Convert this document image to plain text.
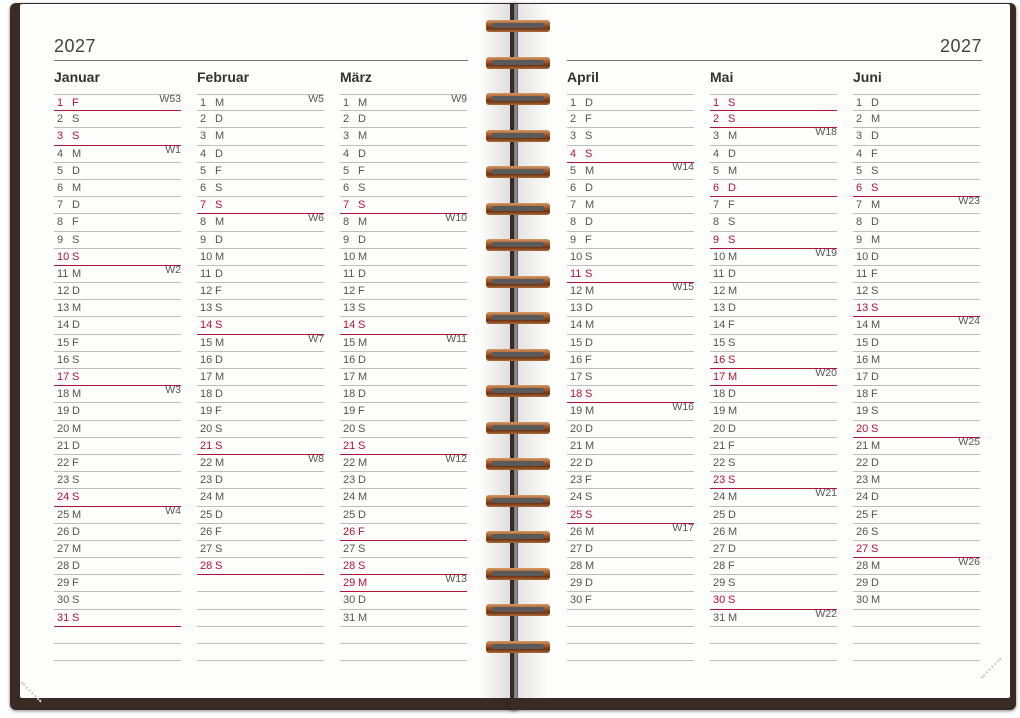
2027	2027
Januar
1 F	W53
2 S
3 S
4 M	W1
5 D
6 M
7 D
8 F
9 S
10 S
11 M	W2
12 D
13 M
14 D
15 F
16 S
17 S
18 M	W3
19 D
20 M
21 D
22 F
23 S
24 S
25 M	W4
26 D
27 M
28 D
29 F
30 S
31 S
Februar
1 M	W5
2 D
3 M
4 D
5 F
6 S
7 S
8 M	W6
9 D
10 M
11 D
12 F
13 S
14 S
15 M	W7
16 D
17 M
18 D
19 F
20 S
21 S
22 M	W8
23 D
24 M
25 D
26 F
27 S
28 S
März
1 M	W9
2 D
3 M
4 D
5 F
6 S
7 S
8 M	W10
9 D
10 M
11 D
12 F
13 S
14 S
15 M	W11
16 D
17 M
18 D
19 F
20 S
21 S
22 M	W12
23 D
24 M
25 D
26 F
27 S
28 S
29 M	W13
30 D
31 M
April
1 D
2 F
3 S
4 S
5 M	W14
6 D
7 M
8 D
9 F
10 S
11 S
12 M	W15
13 D
14 M
15 D
16 F
17 S
18 S
19 M	W16
20 D
21 M
22 D
23 F
24 S
25 S
26 M	W17
27 D
28 M
29 D
30 F
Mai
1 S
2 S
3 M	W18
4 D
5 M
6 D
7 F
8 S
9 S
10 M	W19
11 D
12 M
13 D
14 F
15 S
16 S
17 M	W20
18 D
19 M
20 D
21 F
22 S
23 S
24 M	W21
25 D
26 M
27 D
28 F
29 S
30 S
31 M	W22
Juni
1 D
2 M
3 D
4 F
5 S
6 S
7 M	W23
8 D
9 M
10 D
11 F
12 S
13 S
14 M	W24
15 D
16 M
17 D
18 F
19 S
20 S
21 M	W25
22 D
23 M
24 D
25 F
26 S
27 S
28 M	W26
29 D
30 M
